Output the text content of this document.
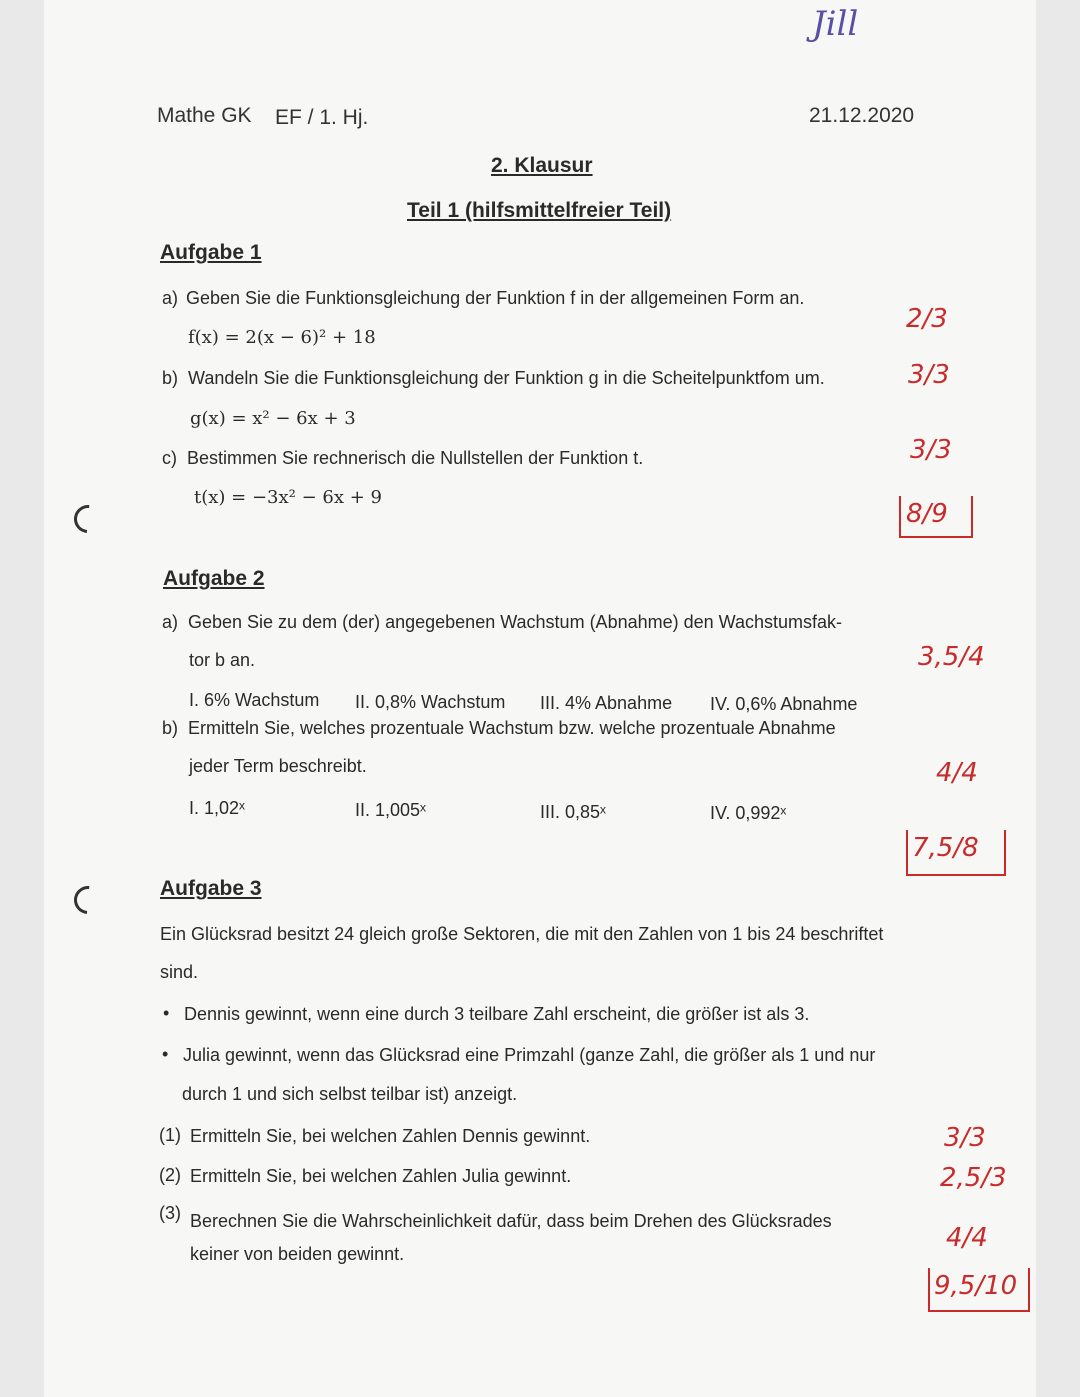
Jill
Mathe GK EF / 1. Hj.	21.12.2020
2. Klausur
Teil 1 (hilfsmittelfreier Teil)
Aufgabe 1
a) Geben Sie die Funktionsgleichung der Funktion f in der allgemeinen Form an.
f(x) = 2(x − 6)² + 18
b) Wandeln Sie die Funktionsgleichung der Funktion g in die Scheitelpunktfom um.
g(x) = x² − 6x + 3
c) Bestimmen Sie rechnerisch die Nullstellen der Funktion t.
t(x) = −3x² − 6x + 9
Aufgabe 2
a) Geben Sie zu dem (der) angegebenen Wachstum (Abnahme) den Wachstumsfak-
tor b an.
I. 6% Wachstum II. 0,8% Wachstum III. 4% Abnahme IV. 0,6% Abnahme
b) Ermitteln Sie, welches prozentuale Wachstum bzw. welche prozentuale Abnahme
jeder Term beschreibt.
I. 1,02ˣ	II. 1,005ˣ	III. 0,85ˣ	IV. 0,992ˣ
Aufgabe 3
Ein Glücksrad besitzt 24 gleich große Sektoren, die mit den Zahlen von 1 bis 24 beschriftet
sind.
• Dennis gewinnt, wenn eine durch 3 teilbare Zahl erscheint, die größer ist als 3.
• Julia gewinnt, wenn das Glücksrad eine Primzahl (ganze Zahl, die größer als 1 und nur
durch 1 und sich selbst teilbar ist) anzeigt.
(1) Ermitteln Sie, bei welchen Zahlen Dennis gewinnt.
(2) Ermitteln Sie, bei welchen Zahlen Julia gewinnt.
(3) Berechnen Sie die Wahrscheinlichkeit dafür, dass beim Drehen des Glücksrades
keiner von beiden gewinnt.
2/3
3/3
3/3
8/9
3,5/4
4/4
7,5/8
3/3
2,5/3
4/4
9,5/10
